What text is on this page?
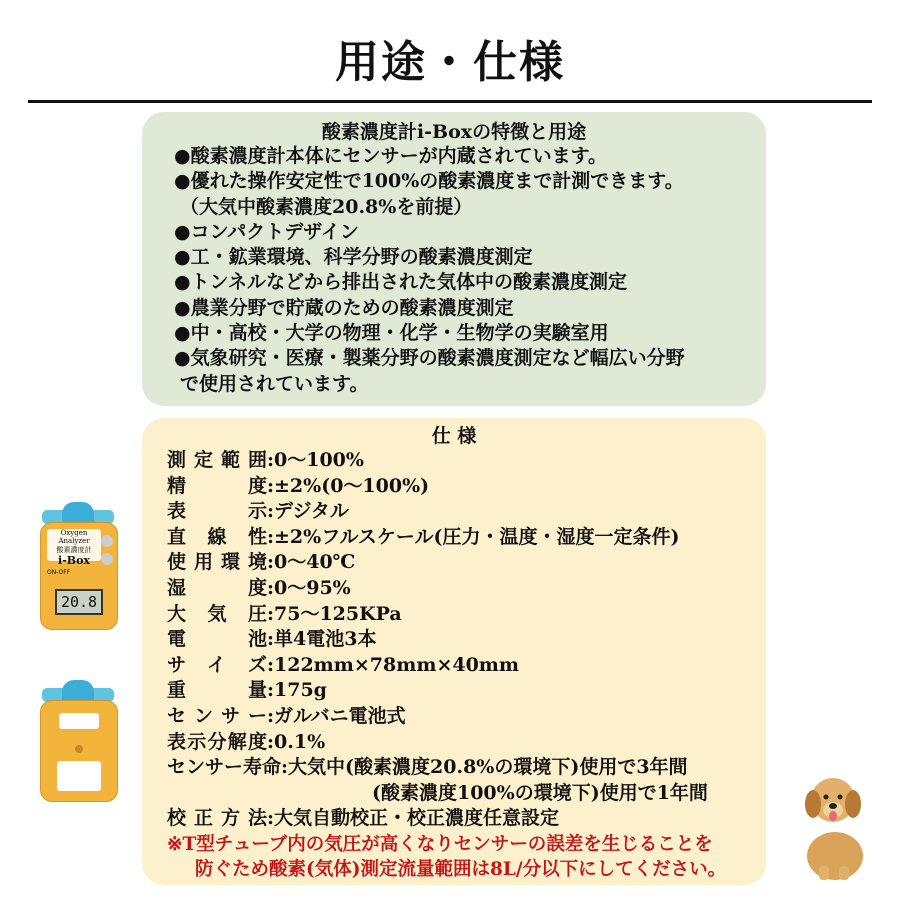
用途・仕様
酸素濃度計i-Boxの特徴と用途
●酸素濃度計本体にセンサーが内蔵されています。
●優れた操作安定性で100%の酸素濃度まで計測できます。
（大気中酸素濃度20.8%を前提）
●コンパクトデザイン
●工・鉱業環境、科学分野の酸素濃度測定
●トンネルなどから排出された気体中の酸素濃度測定
●農業分野で貯蔵のための酸素濃度測定
●中・高校・大学の物理・化学・生物学の実験室用
●気象研究・医療・製薬分野の酸素濃度測定など幅広い分野
で使用されています。
仕 様
測定範囲 :0～100%
精度 :±2%(0～100%)
表示 :デジタル
直線性 :±2%フルスケール(圧力・温度・湿度一定条件)
使用環境 :0～40℃
湿度 :0～95%
大気圧 :75～125KPa
電池 :単4電池3本
サイズ :122mm×78mm×40mm
重量 :175g
センサー :ガルバニ電池式
表示分解度 :0.1%
センサー寿命 :大気中(酸素濃度20.8%の環境下)使用で3年間
(酸素濃度100%の環境下)使用で1年間
校正方法 :大気自動校正・校正濃度任意設定
※T型チューブ内の気圧が高くなりセンサーの誤差を生じることを
防ぐため酸素(気体)測定流量範囲は8L/分以下にしてください。
Oxygen Analyzer
酸素濃度計
i-Box
ON-OFF
20.8
